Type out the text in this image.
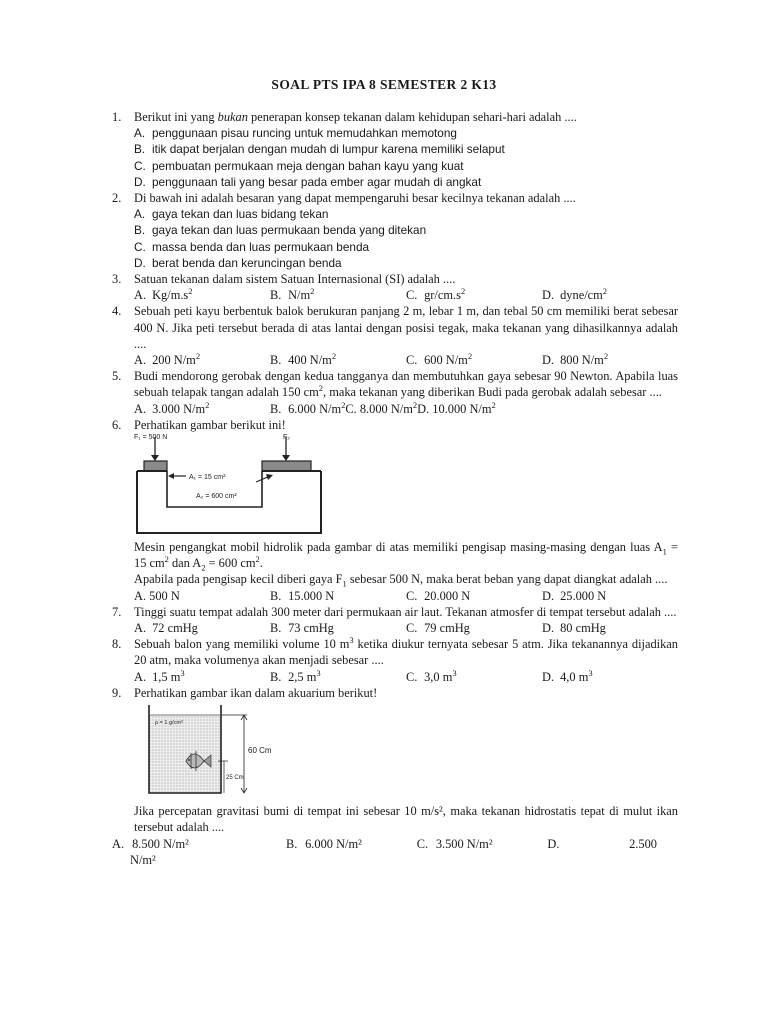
SOAL PTS IPA 8 SEMESTER 2 K13
1. Berikut ini yang bukan penerapan konsep tekanan dalam kehidupan sehari-hari adalah ....
A. penggunaan pisau runcing untuk memudahkan memotong
B. itik dapat berjalan dengan mudah di lumpur karena memiliki selaput
C. pembuatan permukaan meja dengan bahan kayu yang kuat
D. penggunaan tali yang besar pada ember agar mudah di angkat
2. Di bawah ini adalah besaran yang dapat mempengaruhi besar kecilnya tekanan adalah ....
A. gaya tekan dan luas bidang tekan
B. gaya tekan dan luas permukaan benda yang ditekan
C. massa benda dan luas permukaan benda
D. berat benda dan keruncingan benda
3. Satuan tekanan dalam sistem Satuan Internasional (SI) adalah ....
A. $Kg/m.s^2$	B. $N/m^2$	C. $gr/cm.s^2$	D. dyne/$cm^2$
4. Sebuah peti kayu berbentuk balok berukuran panjang 2 m, lebar 1 m, dan tebal 50 cm memiliki berat sebesar 400 N. Jika peti tersebut berada di atas lantai dengan posisi tegak, maka tekanan yang dihasilkannya adalah ....
A. 200 $N/m^2$	B. 400 $N/m^2$	C. 600 $N/m^2$	D. 800 $N/m^2$
5. Budi mendorong gerobak dengan kedua tangganya dan membutuhkan gaya sebesar 90 Newton. Apabila luas sebuah telapak tangan adalah 150 $cm^2$, maka tekanan yang diberikan Budi pada gerobak adalah sebesar ....
A. 3.000 $N/m^2$	B. 6.000 $N/m^2$ C. 8.000 $N/m^2$ D. 10.000 $N/m^2$
6. Perhatikan gambar berikut ini!
F₁ = 500 N	F₂
A₁ = 15 cm²
A₂ = 600 cm²
Mesin pengangkat mobil hidrolik pada gambar di atas memiliki pengisap masing-masing dengan luas $A_1 = 15$ $cm^2$ dan $A_2 = 600$ $cm^2$.
Apabila pada pengisap kecil diberi gaya $F_1$ sebesar 500 N, maka berat beban yang dapat diangkat adalah ....
A. 500 N	B. 15.000 N	C. 20.000 N	D. 25.000 N
7. Tinggi suatu tempat adalah 300 meter dari permukaan air laut. Tekanan atmosfer di tempat tersebut adalah ....
A. 72 cmHg	B. 73 cmHg	C. 79 cmHg	D. 80 cmHg
8. Sebuah balon yang memiliki volume 10 $m^3$ ketika diukur ternyata sebesar 5 atm. Jika tekanannya dijadikan 20 atm, maka volumenya akan menjadi sebesar ....
A. 1,5 $m^3$	B. 2,5 $m^3$	C. 3,0 $m^3$	D. 4,0 $m^3$
9. Perhatikan gambar ikan dalam akuarium berikut!
ρ = 1 g/cm³
60 Cm
25 Cm
Jika percepatan gravitasi bumi di tempat ini sebesar 10 m/s², maka tekanan hidrostatis tepat di mulut ikan tersebut adalah ....
A. 8.500 N/m²	B. 6.000 N/m²	C. 3.500 N/m²	D.	2.500
N/m²
